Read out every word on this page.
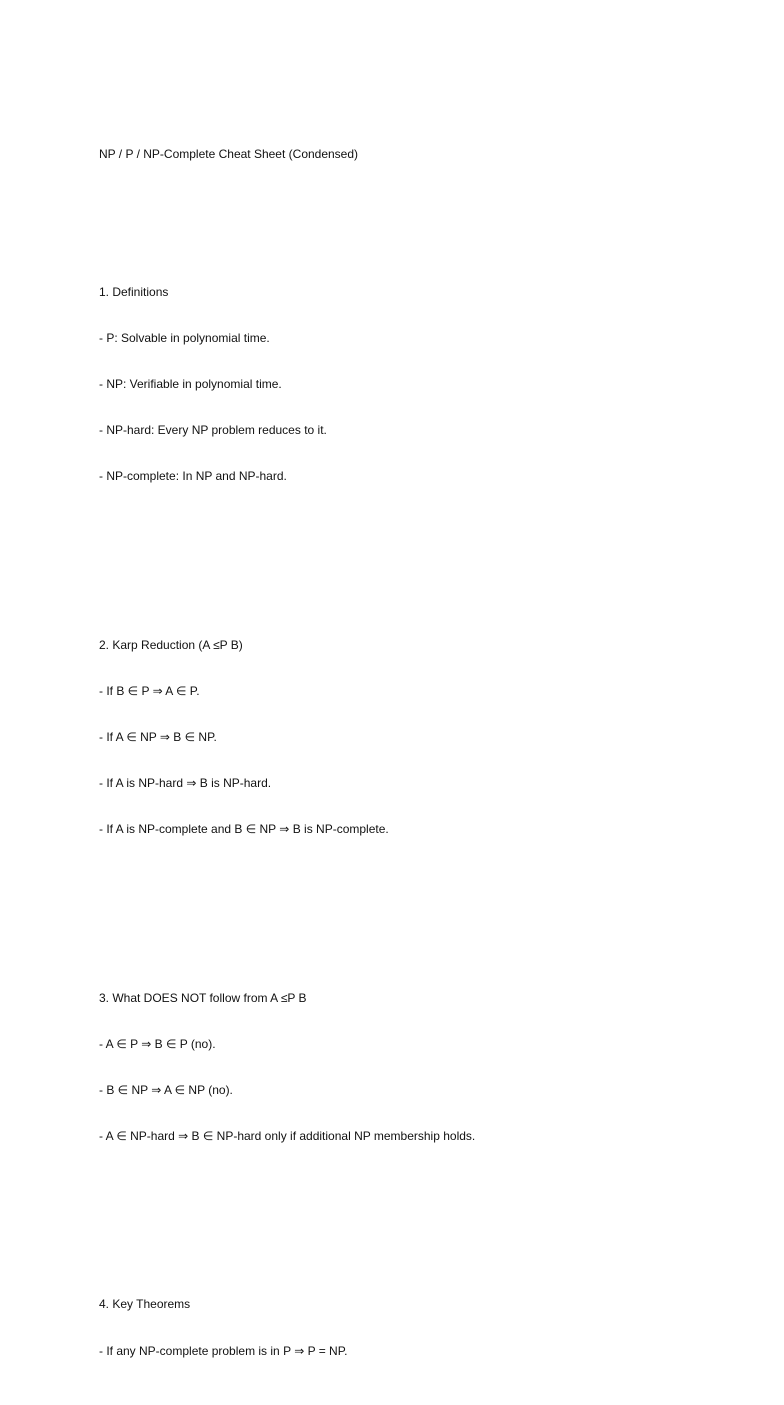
NP / P / NP-Complete Cheat Sheet (Condensed)

1. Definitions

- P: Solvable in polynomial time.

- NP: Verifiable in polynomial time.

- NP-hard: Every NP problem reduces to it.

- NP-complete: In NP and NP-hard.

2. Karp Reduction (A ≤P B)

- If B ∈ P ⇒ A ∈ P.

- If A ∈ NP ⇒ B ∈ NP.

- If A is NP-hard ⇒ B is NP-hard.

- If A is NP-complete and B ∈ NP ⇒ B is NP-complete.

3. What DOES NOT follow from A ≤P B

- A ∈ P ⇒ B ∈ P (no).

- B ∈ NP ⇒ A ∈ NP (no).

- A ∈ NP-hard ⇒ B ∈ NP-hard only if additional NP membership holds.

4. Key Theorems

- If any NP-complete problem is in P ⇒ P = NP.
